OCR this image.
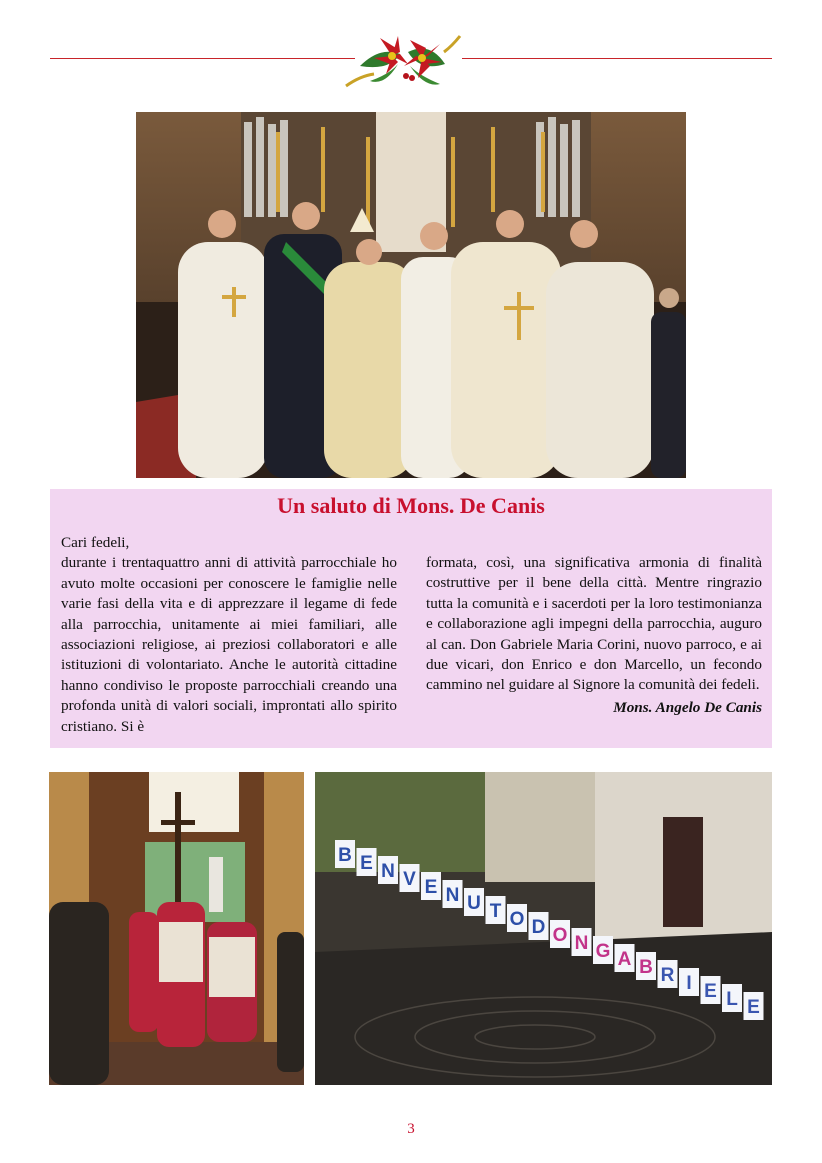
Un saluto di Mons. De Canis

Cari fedeli,

durante i trentaquattro anni di attività parrocchiale ho avuto molte occasioni per conoscere le famiglie nelle varie fasi della vita e di apprezzare il legame di fede alla parrocchia, unitamente ai miei familiari, alle associazioni religiose, ai preziosi collaboratori e alle istituzioni di volontariato. Anche le autorità cittadine hanno condiviso le proposte parrocchiali creando una profonda unità di valori sociali, improntati allo spirito cristiano. Si è

formata, così, una significativa armonia di finalità costruttive per il bene della città. Mentre ringrazio tutta la comunità e i sacerdoti per la loro testimonianza e collaborazione agli impegni della parrocchia, auguro al can. Don Gabriele Maria Corini, nuovo parroco, e ai due vicari, don Enrico e don Marcello, un fecondo cammino nel guidare al Signore la comunità dei fedeli.

Mons. Angelo De Canis

B E N V E N U T O D O N G A B R I E L E
3
